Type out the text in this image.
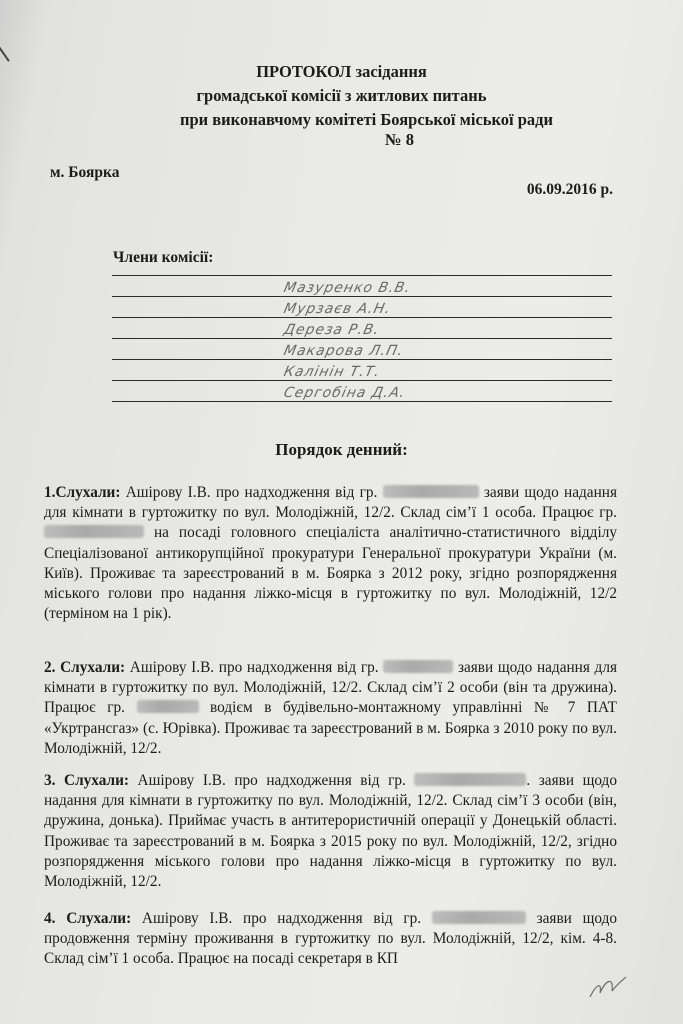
ПРОТОКОЛ засідання
громадської комісії з житлових питань
при виконавчому комітеті Боярської міської ради
№ 8
м. Боярка
06.09.2016 р.
Члени комісії:
Мазуренко В.В.
Мурзаєв А.Н.
Дереза Р.В.
Макарова Л.П.
Калінін Т.Т.
Сергобіна Д.А.
Порядок денний:
1.Слухали: Ашірову І.В. про надходження від гр.	заяви щодо надання для кімнати в гуртожитку по вул. Молодіжній, 12/2. Склад сім’ї 1 особа. Працює гр.  на посаді головного спеціаліста аналітично-статистичного відділу Спеціалізованої антикорупційної прокуратури Генеральної прокуратури України (м. Київ). Проживає та зареєстрований в м. Боярка з 2012 року, згідно розпорядження міського голови про надання ліжко-місця в гуртожитку по вул. Молодіжній, 12/2 (терміном на 1 рік).
2. Слухали: Ашірову І.В. про надходження від гр.	заяви щодо надання для кімнати в гуртожитку по вул. Молодіжній, 12/2. Склад сім’ї 2 особи (він та дружина). Працює гр.	водієм в будівельно-монтажному управлінні № 7 ПАТ «Укртрансгаз» (с. Юрівка). Проживає та зареєстрований в м. Боярка з 2010 року по вул. Молодіжній, 12/2.
3. Слухали: Ашірову І.В. про надходження від гр.	. заяви щодо надання для кімнати в гуртожитку по вул. Молодіжній, 12/2. Склад сім’ї 3 особи (він, дружина, донька). Приймає участь в антитерористичній операції у Донецькій області. Проживає та зареєстрований в м. Боярка з 2015 року по вул. Молодіжній, 12/2, згідно розпорядження міського голови про надання ліжко-місця в гуртожитку по вул. Молодіжній, 12/2.
4. Слухали: Ашірову І.В. про надходження від гр.	заяви щодо продовження терміну проживання в гуртожитку по вул. Молодіжній, 12/2, кім. 4-8. Склад сім’ї 1 особа. Працює на посаді секретаря в КП
